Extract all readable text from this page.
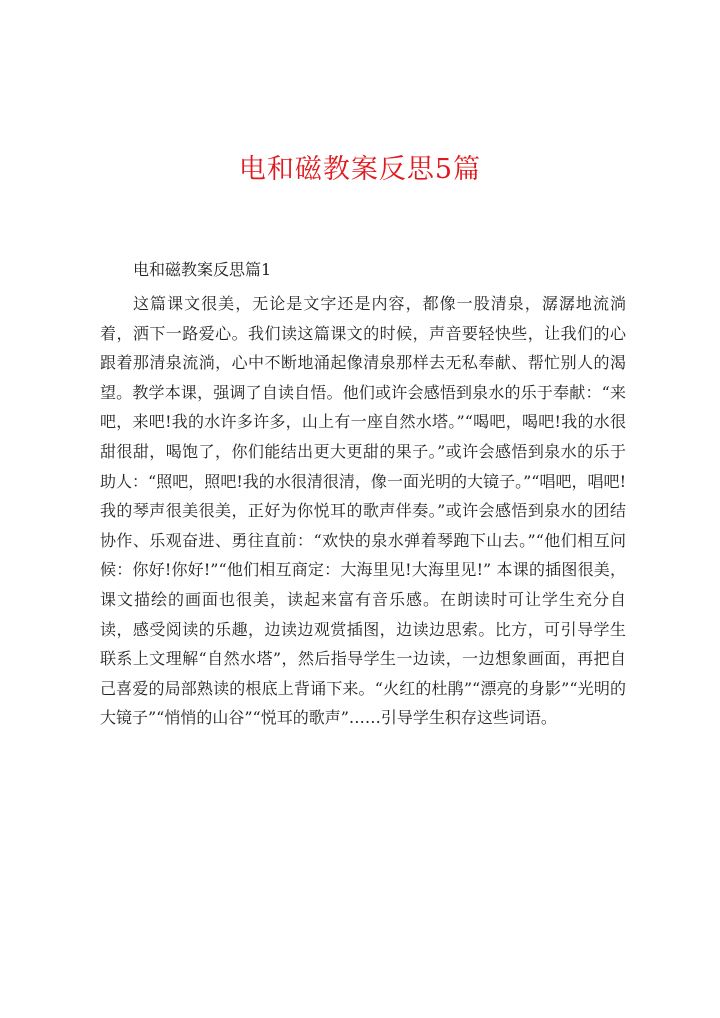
电和磁教案反思5篇
电和磁教案反思篇1

这篇课文很美，无论是文字还是内容，都像一股清泉，潺潺地流淌着，洒下一路爱心。我们读这篇课文的时候，声音要轻快些，让我们的心跟着那清泉流淌，心中不断地涌起像清泉那样去无私奉献、帮忙别人的渴望。教学本课，强调了自读自悟。他们或许会感悟到泉水的乐于奉献：“来吧，来吧!我的水许多许多，山上有一座自然水塔。”“喝吧，喝吧!我的水很甜很甜，喝饱了，你们能结出更大更甜的果子。”或许会感悟到泉水的乐于助人：“照吧，照吧!我的水很清很清，像一面光明的大镜子。”“唱吧，唱吧!我的琴声很美很美，正好为你悦耳的歌声伴奏。”或许会感悟到泉水的团结协作、乐观奋进、勇往直前：“欢快的泉水弹着琴跑下山去。”“他们相互问候：你好!你好!”“他们相互商定：大海里见!大海里见!” 本课的插图很美，课文描绘的画面也很美，读起来富有音乐感。在朗读时可让学生充分自读，感受阅读的乐趣，边读边观赏插图，边读边思索。比方，可引导学生联系上文理解“自然水塔”，然后指导学生一边读，一边想象画面，再把自己喜爱的局部熟读的根底上背诵下来。“火红的杜鹃”“漂亮的身影”“光明的大镜子”“悄悄的山谷”“悦耳的歌声”……引导学生积存这些词语。
